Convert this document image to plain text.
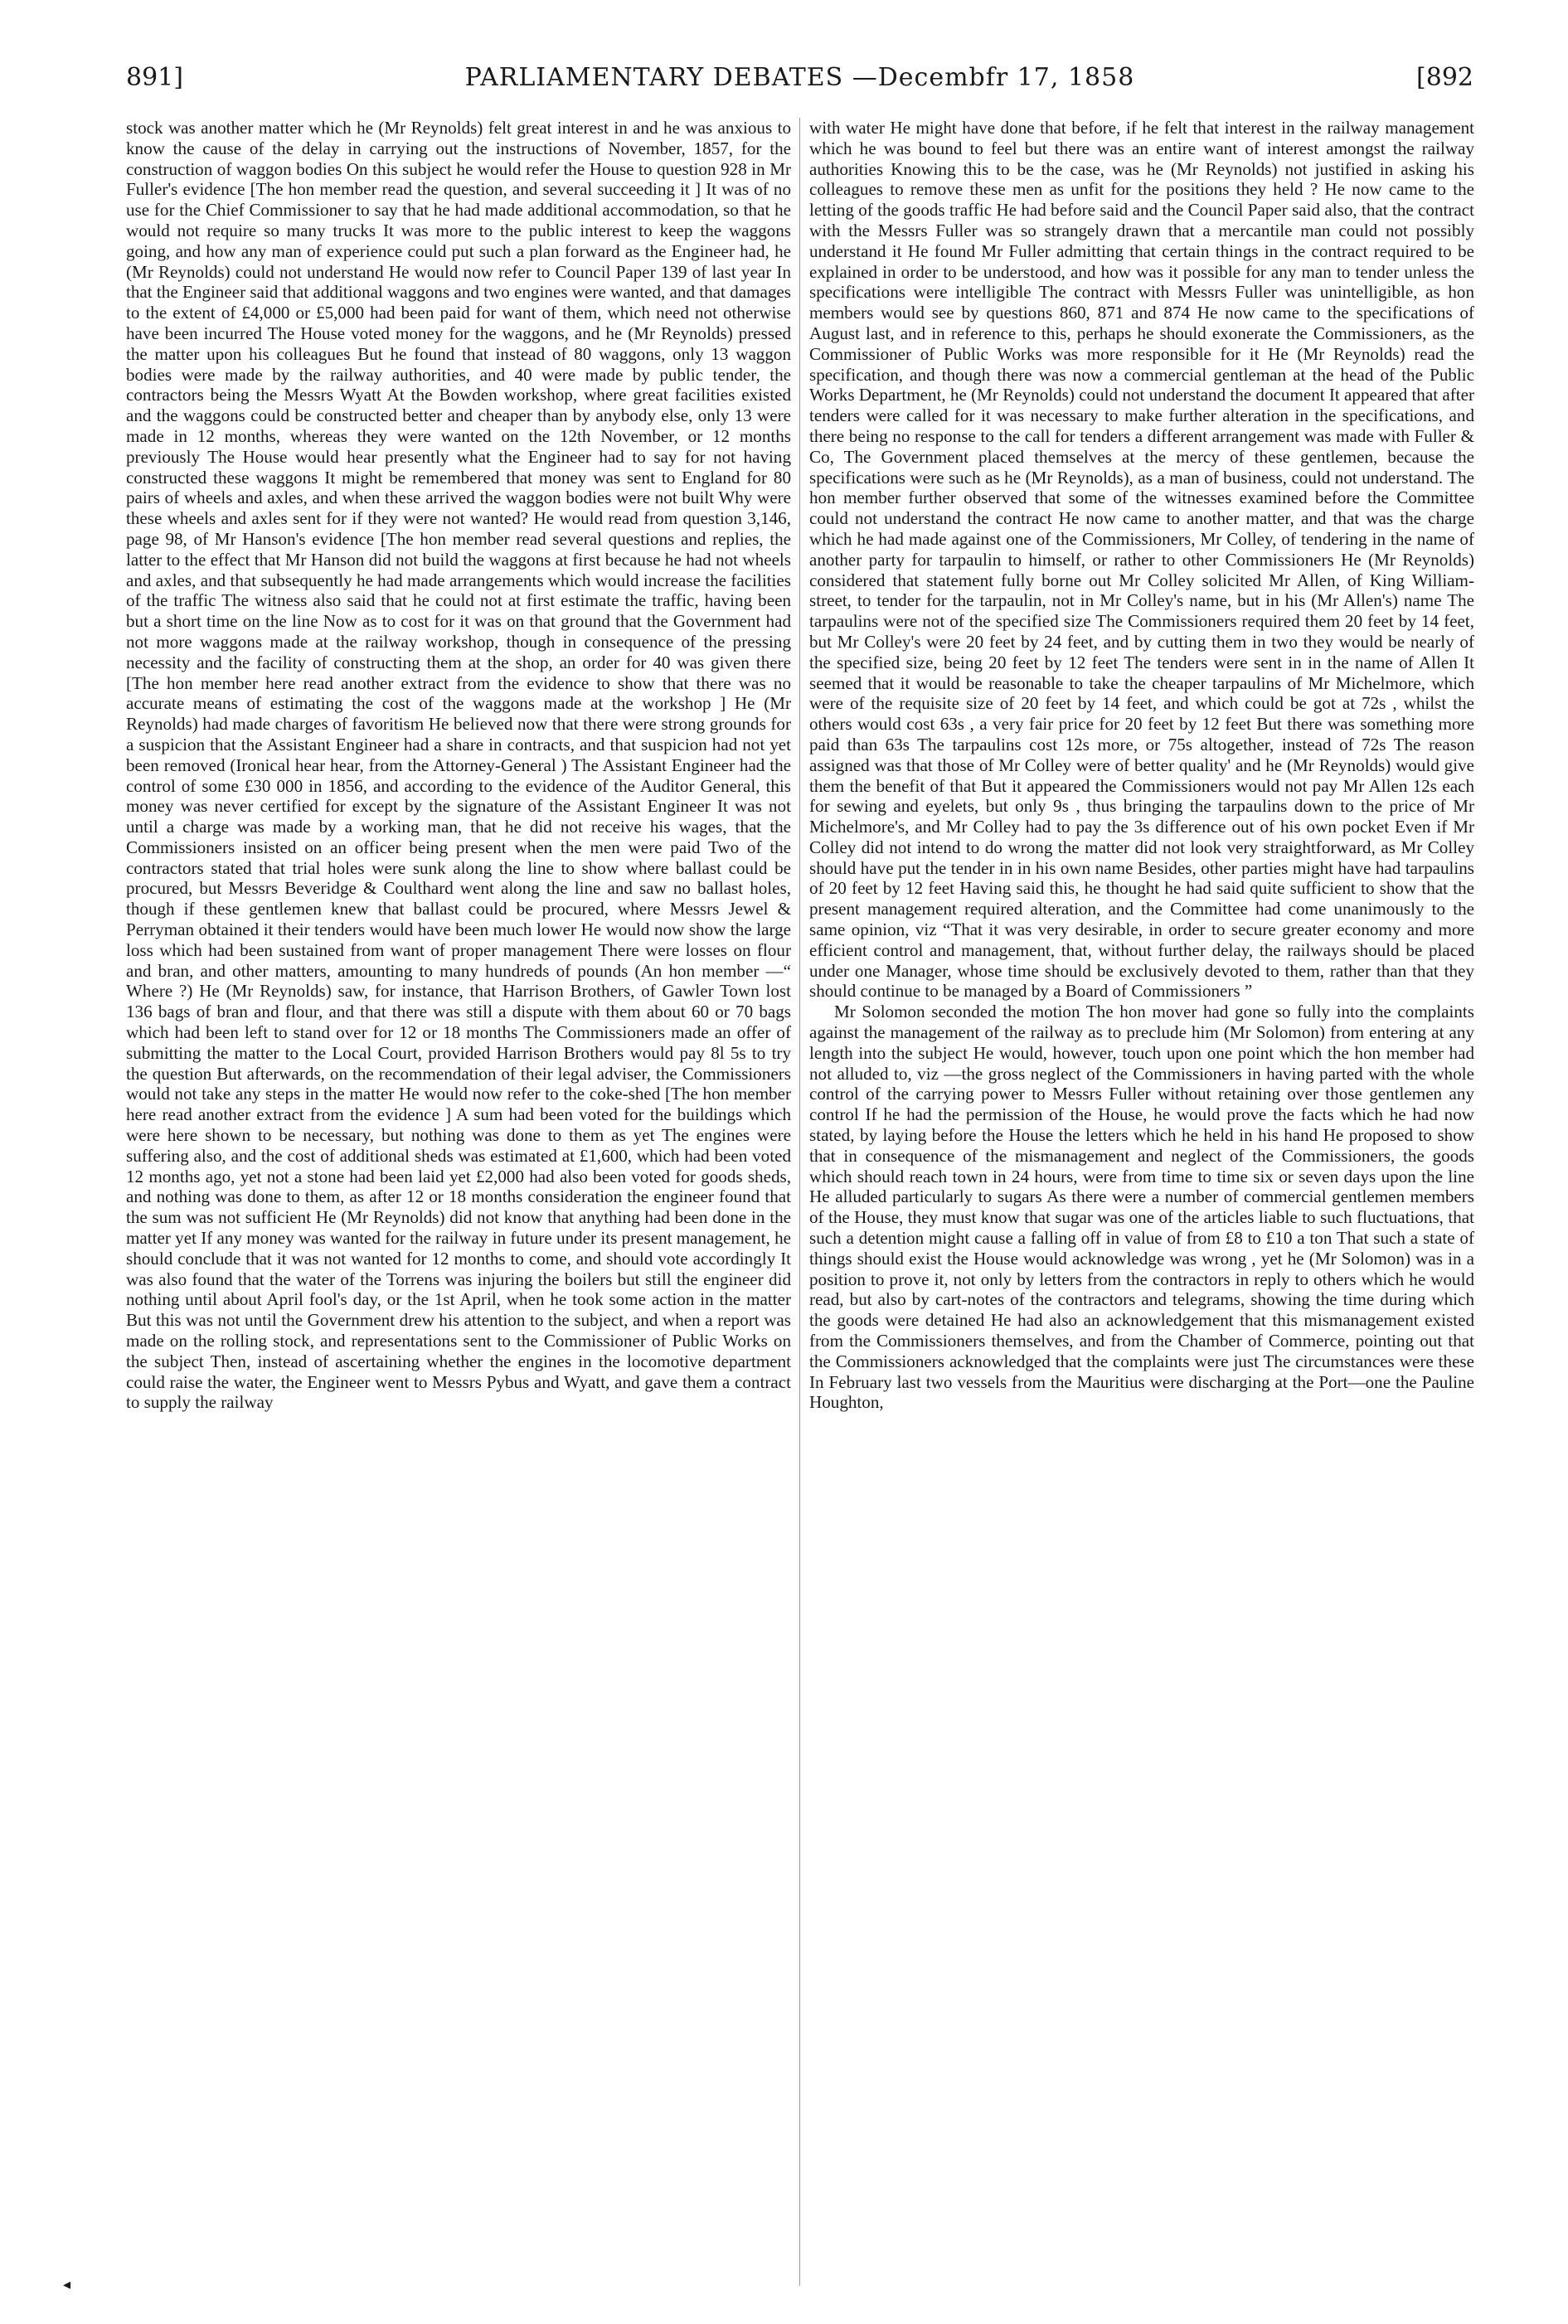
891]	PARLIAMENTARY DEBATES —Decembfr 17, 1858	[892

stock was another matter which he (Mr Reynolds) felt great interest in and he was anxious to know the cause of the delay in carrying out the instructions of November, 1857, for the construction of waggon bodies On this subject he would refer the House to question 928 in Mr Fuller's evidence [The hon member read the question, and several succeeding it ] It was of no use for the Chief Commissioner to say that he had made additional accommodation, so that he would not require so many trucks It was more to the public interest to keep the waggons going, and how any man of experience could put such a plan forward as the Engineer had, he (Mr Reynolds) could not understand He would now refer to Council Paper 139 of last year In that the Engineer said that additional waggons and two engines were wanted, and that damages to the extent of £4,000 or £5,000 had been paid for want of them, which need not otherwise have been incurred The House voted money for the waggons, and he (Mr Reynolds) pressed the matter upon his colleagues But he found that instead of 80 waggons, only 13 waggon bodies were made by the railway authorities, and 40 were made by public tender, the contractors being the Messrs Wyatt At the Bowden workshop, where great facilities existed and the waggons could be constructed better and cheaper than by anybody else, only 13 were made in 12 months, whereas they were wanted on the 12th November, or 12 months previously The House would hear presently what the Engineer had to say for not having constructed these waggons It might be remembered that money was sent to England for 80 pairs of wheels and axles, and when these arrived the waggon bodies were not built Why were these wheels and axles sent for if they were not wanted? He would read from question 3,146, page 98, of Mr Hanson's evidence [The hon member read several questions and replies, the latter to the effect that Mr Hanson did not build the waggons at first because he had not wheels and axles, and that subsequently he had made arrangements which would increase the facilities of the traffic The witness also said that he could not at first estimate the traffic, having been but a short time on the line Now as to cost for it was on that ground that the Government had not more waggons made at the railway workshop, though in consequence of the pressing necessity and the facility of constructing them at the shop, an order for 40 was given there [The hon member here read another extract from the evidence to show that there was no accurate means of estimating the cost of the waggons made at the workshop ] He (Mr Reynolds) had made charges of favoritism He believed now that there were strong grounds for a suspicion that the Assistant Engineer had a share in contracts, and that suspicion had not yet been removed (Ironical hear hear, from the Attorney-General ) The Assistant Engineer had the control of some £30 000 in 1856, and according to the evidence of the Auditor General, this money was never certified for except by the signature of the Assistant Engineer It was not until a charge was made by a working man, that he did not receive his wages, that the Commissioners insisted on an officer being present when the men were paid Two of the contractors stated that trial holes were sunk along the line to show where ballast could be procured, but Messrs Beveridge & Coulthard went along the line and saw no ballast holes, though if these gentlemen knew that ballast could be procured, where Messrs Jewel & Perryman obtained it their tenders would have been much lower He would now show the large loss which had been sustained from want of proper management There were losses on flour and bran, and other matters, amounting to many hundreds of pounds (An hon member —“ Where ?) He (Mr Reynolds) saw, for instance, that Harrison Brothers, of Gawler Town lost 136 bags of bran and flour, and that there was still a dispute with them about 60 or 70 bags which had been left to stand over for 12 or 18 months The Commissioners made an offer of submitting the matter to the Local Court, provided Harrison Brothers would pay 8l 5s to try the question But afterwards, on the recommendation of their legal adviser, the Commissioners would not take any steps in the matter He would now refer to the coke-shed [The hon member here read another extract from the evidence ] A sum had been voted for the buildings which were here shown to be necessary, but nothing was done to them as yet The engines were suffering also, and the cost of additional sheds was estimated at £1,600, which had been voted 12 months ago, yet not a stone had been laid yet £2,000 had also been voted for goods sheds, and nothing was done to them, as after 12 or 18 months consideration the engineer found that the sum was not sufficient He (Mr Reynolds) did not know that anything had been done in the matter yet If any money was wanted for the railway in future under its present management, he should conclude that it was not wanted for 12 months to come, and should vote accordingly It was also found that the water of the Torrens was injuring the boilers but still the engineer did nothing until about April fool's day, or the 1st April, when he took some action in the matter But this was not until the Government drew his attention to the subject, and when a report was made on the rolling stock, and representations sent to the Commissioner of Public Works on the subject Then, instead of ascertaining whether the engines in the locomotive department could raise the water, the Engineer went to Messrs Pybus and Wyatt, and gave them a contract to supply the railway

with water He might have done that before, if he felt that interest in the railway management which he was bound to feel but there was an entire want of interest amongst the railway authorities Knowing this to be the case, was he (Mr Reynolds) not justified in asking his colleagues to remove these men as unfit for the positions they held ? He now came to the letting of the goods traffic He had before said and the Council Paper said also, that the contract with the Messrs Fuller was so strangely drawn that a mercantile man could not possibly understand it He found Mr Fuller admitting that certain things in the contract required to be explained in order to be understood, and how was it possible for any man to tender unless the specifications were intelligible The contract with Messrs Fuller was unintelligible, as hon members would see by questions 860, 871 and 874 He now came to the specifications of August last, and in reference to this, perhaps he should exonerate the Commissioners, as the Commissioner of Public Works was more responsible for it He (Mr Reynolds) read the specification, and though there was now a commercial gentleman at the head of the Public Works Department, he (Mr Reynolds) could not understand the document It appeared that after tenders were called for it was necessary to make further alteration in the specifications, and there being no response to the call for tenders a different arrangement was made with Fuller & Co, The Government placed themselves at the mercy of these gentlemen, because the specifications were such as he (Mr Reynolds), as a man of business, could not understand. The hon member further observed that some of the witnesses examined before the Committee could not understand the contract He now came to another matter, and that was the charge which he had made against one of the Commissioners, Mr Colley, of tendering in the name of another party for tarpaulin to himself, or rather to other Commissioners He (Mr Reynolds) considered that statement fully borne out Mr Colley solicited Mr Allen, of King William-street, to tender for the tarpaulin, not in Mr Colley's name, but in his (Mr Allen's) name The tarpaulins were not of the specified size The Commissioners required them 20 feet by 14 feet, but Mr Colley's were 20 feet by 24 feet, and by cutting them in two they would be nearly of the specified size, being 20 feet by 12 feet The tenders were sent in in the name of Allen It seemed that it would be reasonable to take the cheaper tarpaulins of Mr Michelmore, which were of the requisite size of 20 feet by 14 feet, and which could be got at 72s , whilst the others would cost 63s , a very fair price for 20 feet by 12 feet But there was something more paid than 63s The tarpaulins cost 12s more, or 75s altogether, instead of 72s The reason assigned was that those of Mr Colley were of better quality' and he (Mr Reynolds) would give them the benefit of that But it appeared the Commissioners would not pay Mr Allen 12s each for sewing and eyelets, but only 9s , thus bringing the tarpaulins down to the price of Mr Michelmore's, and Mr Colley had to pay the 3s difference out of his own pocket Even if Mr Colley did not intend to do wrong the matter did not look very straightforward, as Mr Colley should have put the tender in in his own name Besides, other parties might have had tarpaulins of 20 feet by 12 feet Having said this, he thought he had said quite sufficient to show that the present management required alteration, and the Committee had come unanimously to the same opinion, viz “That it was very desirable, in order to secure greater economy and more efficient control and management, that, without further delay, the railways should be placed under one Manager, whose time should be exclusively devoted to them, rather than that they should continue to be managed by a Board of Commissioners ”

Mr Solomon seconded the motion The hon mover had gone so fully into the complaints against the management of the railway as to preclude him (Mr Solomon) from entering at any length into the subject He would, however, touch upon one point which the hon member had not alluded to, viz —the gross neglect of the Commissioners in having parted with the whole control of the carrying power to Messrs Fuller without retaining over those gentlemen any control If he had the permission of the House, he would prove the facts which he had now stated, by laying before the House the letters which he held in his hand He proposed to show that in consequence of the mismanagement and neglect of the Commissioners, the goods which should reach town in 24 hours, were from time to time six or seven days upon the line He alluded particularly to sugars As there were a number of commercial gentlemen members of the House, they must know that sugar was one of the articles liable to such fluctuations, that such a detention might cause a falling off in value of from £8 to £10 a ton That such a state of things should exist the House would acknowledge was wrong , yet he (Mr Solomon) was in a position to prove it, not only by letters from the contractors in reply to others which he would read, but also by cart-notes of the contractors and telegrams, showing the time during which the goods were detained He had also an acknowledgement that this mismanagement existed from the Commissioners themselves, and from the Chamber of Commerce, pointing out that the Commissioners acknowledged that the complaints were just The circumstances were these In February last two vessels from the Mauritius were discharging at the Port—one the Pauline Houghton,

◂
